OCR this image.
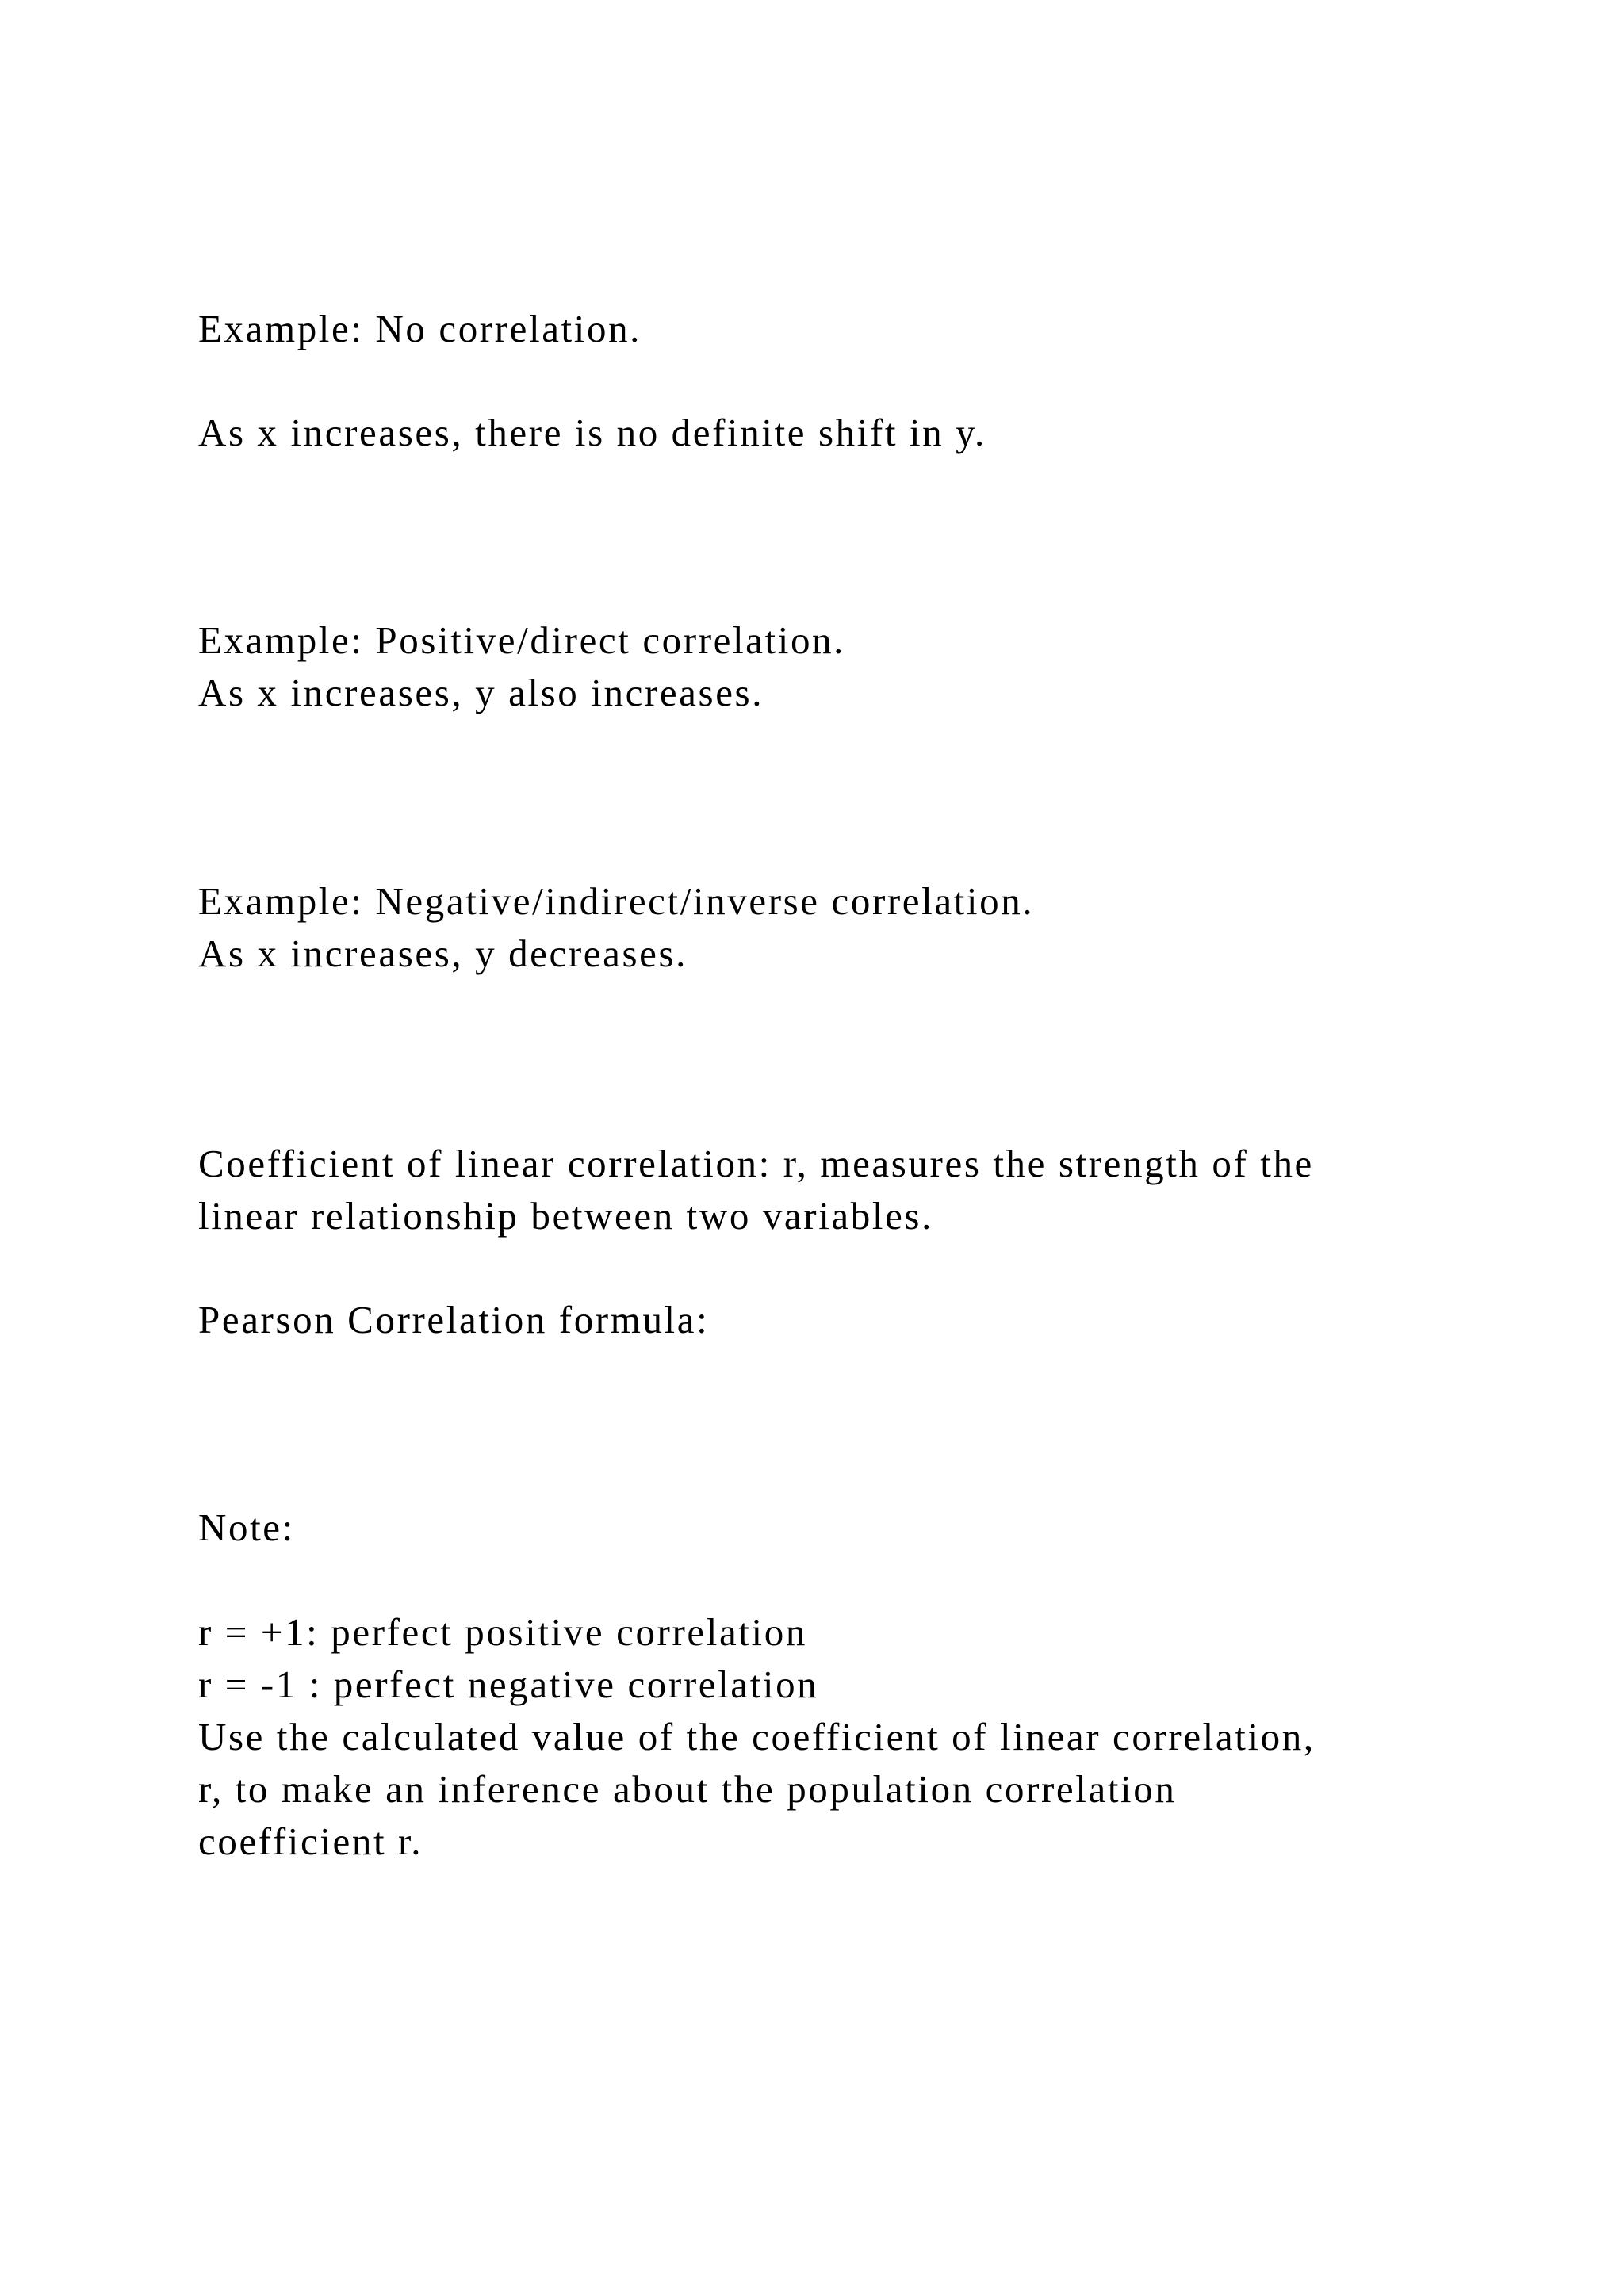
Example: No correlation.

As x increases, there is no definite shift in y.

Example: Positive/direct correlation.

As x increases, y also increases.

Example: Negative/indirect/inverse correlation.

As x increases, y decreases.

Coefficient of linear correlation: r, measures the strength of the

linear relationship between two variables.

Pearson Correlation formula:

Note:

r = +1: perfect positive correlation

r = -1 : perfect negative correlation

Use the calculated value of the coefficient of linear correlation,

r, to make an inference about the population correlation

coefficient r.
